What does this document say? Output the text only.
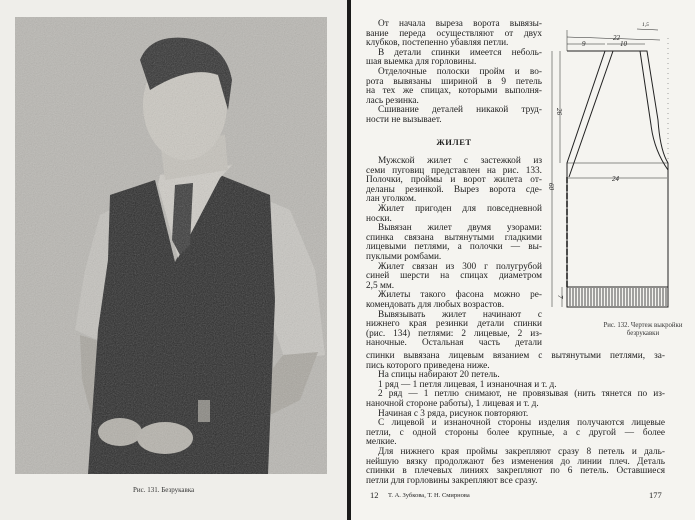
Рис. 131. Безрукавка
От начала выреза ворота вывязы-
вание переда осуществляют от двух
клубков, постепенно убавляя петли.
В детали спинки имеется неболь-
шая выемка для горловины.
Отделочные полоски пройм и во-
рота вывязаны шириной в 9 петель
на тех же спицах, которыми выполня-
лась резинка.
Сшивание деталей никакой труд-
ности не вызывает.
Мужской жилет с застежкой из
семи пуговиц представлен на рис. 133.
Полочки, проймы и ворот жилета от-
деланы резинкой. Вырез ворота сде-
лан уголком.
Жилет пригоден для повседневной
носки.
Вывязан жилет двумя узорами:
спинка связана вытянутыми гладкими
лицевыми петлями, а полочки — вы-
пуклыми ромбами.
Жилет связан из 300 г полугрубой
синей шерсти на спицах диаметром
2,5 мм.
Жилеты такого фасона можно ре-
комендовать для любых возрастов.
Вывязывать жилет начинают с
нижнего края резинки детали спинки
(рис. 134) петлями: 2 лицевые, 2 из-
наночные. Остальная часть детали
спинки вывязана лицевым вязанием с вытянутыми петлями, за-
пись которого приведена ниже.
На спицы набирают 20 петель.
1 ряд — 1 петля лицевая, 1 изнаночная и т. д.
2 ряд — 1 петлю снимают, не провязывая (нить тянется по из-
наночной стороне работы), 1 лицевая и т. д.
Начиная с 3 ряда, рисунок повторяют.
С лицевой и изнаночной стороны изделия получаются лицевые
петли, с одной стороны более крупные, а с другой — более
мелкие.
Для нижнего края проймы закрепляют сразу 8 петель и даль-
нейшую вязку продолжают без изменения до линии плеч. Деталь
спинки в плечевых линиях закрепляют по 6 петель. Оставшиеся
петли для горловины закрепляют все сразу.
ЖИЛЕТ
22
9	10
1,5
26
60
24
7
Рис. 132. Чертеж выкройки
безрукавки
12 Т. А. Зубкова, Т. Н. Смирнова	177
